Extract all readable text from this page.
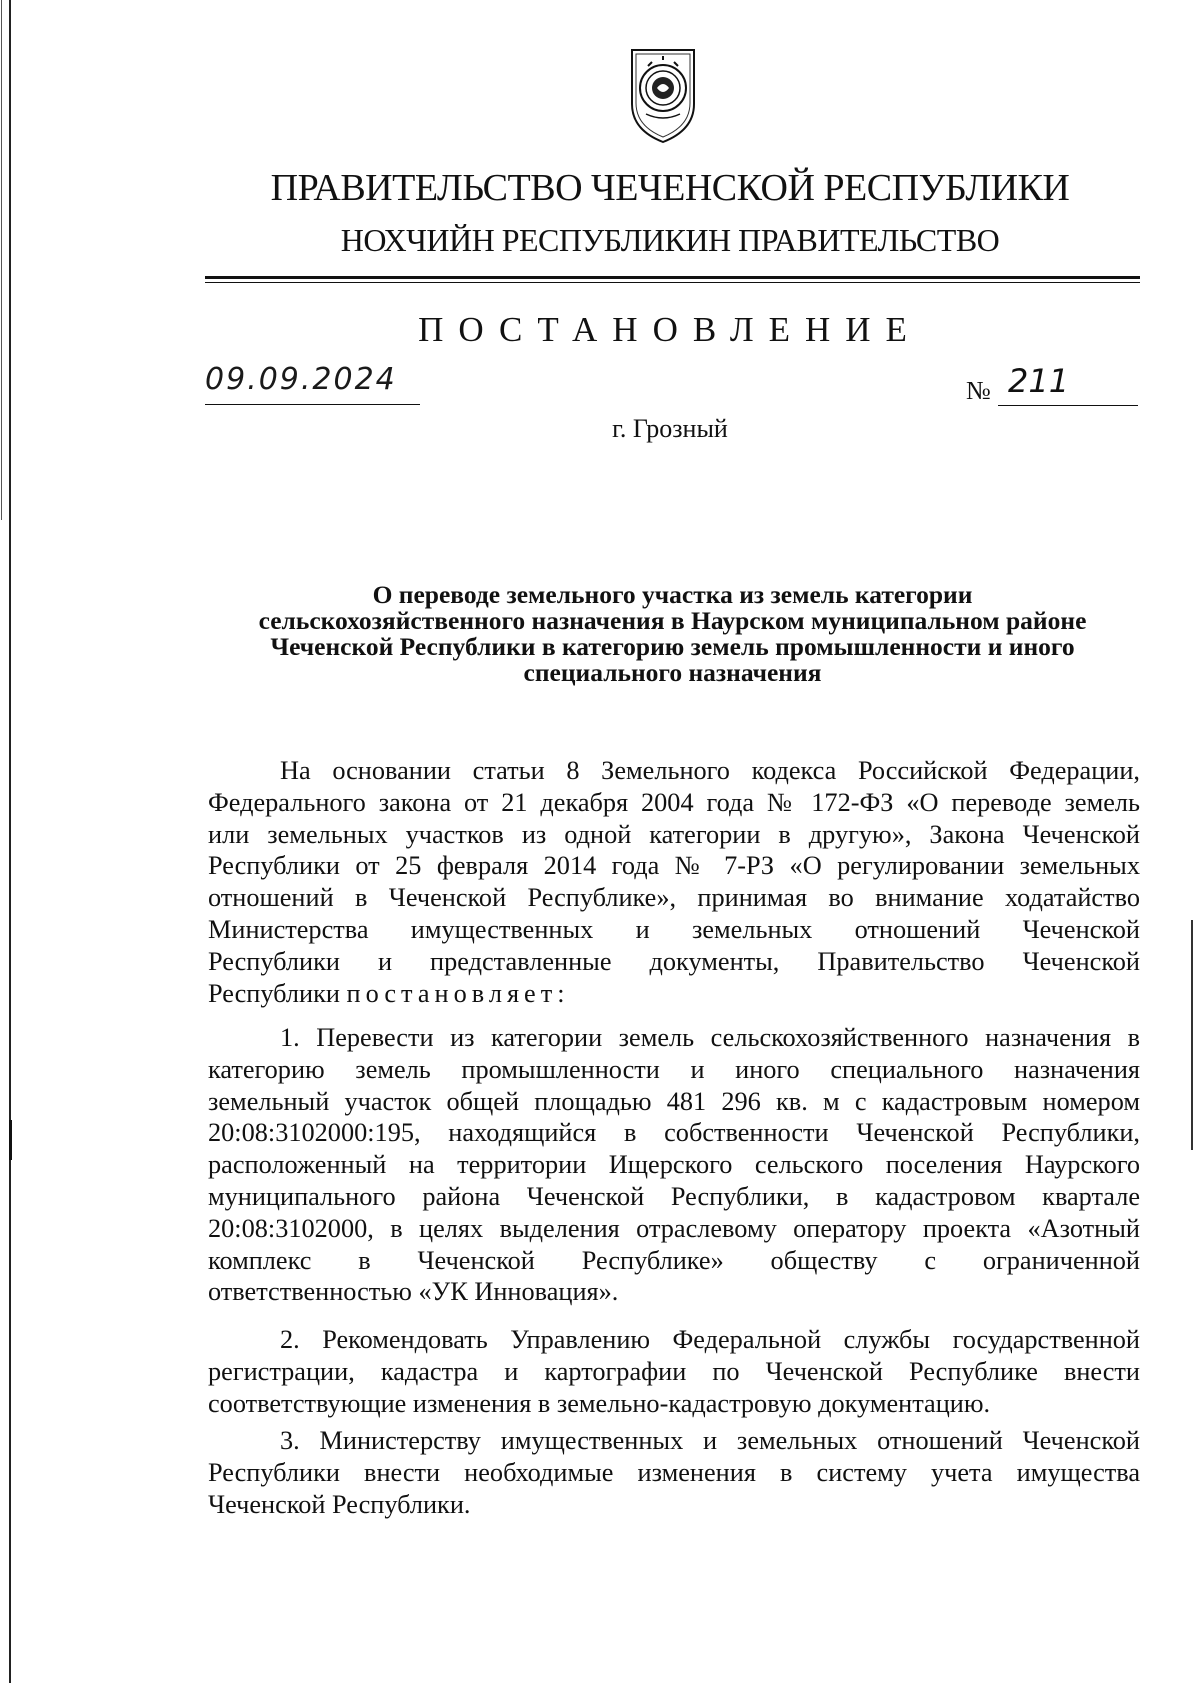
ПРАВИТЕЛЬСТВО ЧЕЧЕНСКОЙ РЕСПУБЛИКИ
НОХЧИЙН РЕСПУБЛИКИН ПРАВИТЕЛЬСТВО
ПОСТАНОВЛЕНИЕ
09.09.2024	№ 211
г. Грозный
О переводе земельного участка из земель категории
сельскохозяйственного назначения в Наурском муниципальном районе
Чеченской Республики в категорию земель промышленности и иного
специального назначения
На основании статьи 8 Земельного кодекса Российской Федерации,
Федерального закона от 21 декабря 2004 года № 172-ФЗ «О переводе земель
или земельных участков из одной категории в другую», Закона Чеченской
Республики от 25 февраля 2014 года № 7-РЗ «О регулировании земельных
отношений в Чеченской Республике», принимая во внимание ходатайство
Министерства имущественных и земельных отношений Чеченской
Республики и представленные документы, Правительство Чеченской
Республики постановляет:
1. Перевести из категории земель сельскохозяйственного назначения в
категорию земель промышленности и иного специального назначения
земельный участок общей площадью 481 296 кв. м с кадастровым номером
20:08:3102000:195, находящийся в собственности Чеченской Республики,
расположенный на территории Ищерского сельского поселения Наурского
муниципального района Чеченской Республики, в кадастровом квартале
20:08:3102000, в целях выделения отраслевому оператору проекта «Азотный
комплекс в Чеченской Республике» обществу с ограниченной
ответственностью «УК Инновация».
2. Рекомендовать Управлению Федеральной службы государственной
регистрации, кадастра и картографии по Чеченской Республике внести
соответствующие изменения в земельно-кадастровую документацию.
3. Министерству имущественных и земельных отношений Чеченской
Республики внести необходимые изменения в систему учета имущества
Чеченской Республики.
